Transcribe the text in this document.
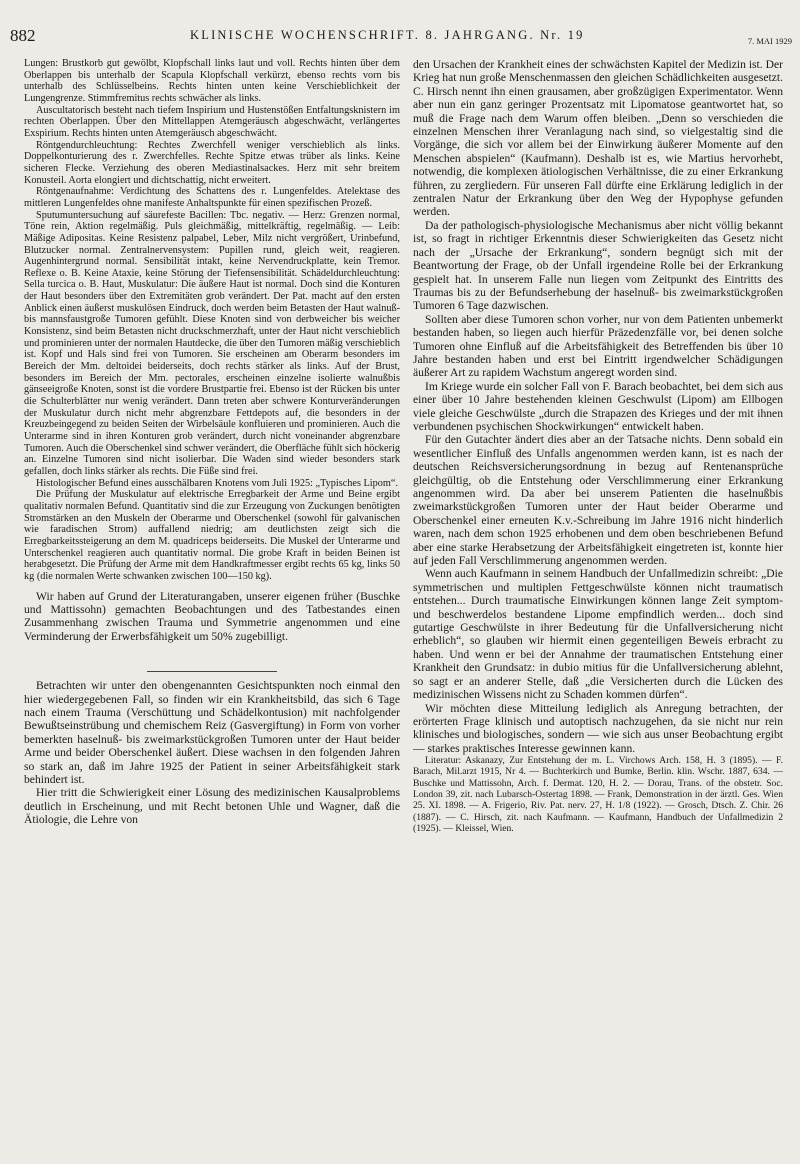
882	KLINISCHE WOCHENSCHRIFT. 8. JAHRGANG. Nr. 19	7. MAI 1929

Lungen: Brustkorb gut gewölbt, Klopfschall links laut und voll. Rechts hinten über dem Oberlappen bis unterhalb der Scapula Klopfschall verkürzt, ebenso rechts vorn bis unterhalb des Schlüsselbeins. Rechts hinten unten keine Verschieblichkeit der Lungengrenze. Stimmfremitus rechts schwächer als links.

Auscultatorisch besteht nach tiefem Inspirium und Hustenstößen Entfaltungsknistern im rechten Oberlappen. Über den Mittellappen Atemgeräusch abgeschwächt, verlängertes Exspirium. Rechts hinten unten Atemgeräusch abgeschwächt.

Röntgendurchleuchtung: Rechtes Zwerchfell weniger verschieblich als links. Doppelkonturierung des r. Zwerchfelles. Rechte Spitze etwas trüber als links. Keine sicheren Flecke. Verziehung des oberen Mediastinalsackes. Herz mit sehr breitem Konusteil. Aorta elongiert und dichtschattig, nicht erweitert.

Röntgenaufnahme: Verdichtung des Schattens des r. Lungenfeldes. Atelektase des mittleren Lungenfeldes ohne manifeste Anhaltspunkte für einen spezifischen Prozeß.

Sputumuntersuchung auf säurefeste Bacillen: Tbc. negativ. — Herz: Grenzen normal, Töne rein, Aktion regelmäßig. Puls gleichmäßig, mittelkräftig, regelmäßig. — Leib: Mäßige Adipositas. Keine Resistenz palpabel, Leber, Milz nicht vergrößert, Urinbefund, Blutzucker normal. Zentralnervensystem: Pupillen rund, gleich weit, reagieren. Augenhintergrund normal. Sensibilität intakt, keine Nervendruckplatte, kein Tremor. Reflexe o. B. Keine Ataxie, keine Störung der Tiefensensibilität. Schädeldurchleuchtung: Sella turcica o. B. Haut, Muskulatur: Die äußere Haut ist normal. Doch sind die Konturen der Haut besonders über den Extremitäten grob verändert. Der Pat. macht auf den ersten Anblick einen äußerst muskulösen Eindruck, doch werden beim Betasten der Haut walnuß- bis mannsfaustgroße Tumoren gefühlt. Diese Knoten sind von derbweicher bis weicher Konsistenz, sind beim Betasten nicht druckschmerzhaft, unter der Haut nicht verschieblich und prominieren unter der normalen Hautdecke, die über den Tumoren mäßig verschieblich ist. Kopf und Hals sind frei von Tumoren. Sie erscheinen am Oberarm besonders im Bereich der Mm. deltoidei beiderseits, doch rechts stärker als links. Auf der Brust, besonders im Bereich der Mm. pectorales, erscheinen einzelne isolierte walnußbis gänseeigroße Knoten, sonst ist die vordere Brustpartie frei. Ebenso ist der Rücken bis unter die Schulterblätter nur wenig verändert. Dann treten aber schwere Konturveränderungen der Muskulatur durch nicht mehr abgrenzbare Fettdepots auf, die besonders in der Kreuzbeingegend zu beiden Seiten der Wirbelsäule konfluieren und prominieren. Auch die Unterarme sind in ihren Konturen grob verändert, durch nicht voneinander abgrenzbare Tumoren. Auch die Oberschenkel sind schwer verändert, die Oberfläche fühlt sich höckerig an. Einzelne Tumoren sind nicht isolierbar. Die Waden sind wieder besonders stark gefallen, doch links stärker als rechts. Die Füße sind frei.

Histologischer Befund eines ausschälbaren Knotens vom Juli 1925: „Typisches Lipom“.

Die Prüfung der Muskulatur auf elektrische Erregbarkeit der Arme und Beine ergibt qualitativ normalen Befund. Quantitativ sind die zur Erzeugung von Zuckungen benötigten Stromstärken an den Muskeln der Oberarme und Oberschenkel (sowohl für galvanischen wie faradischen Strom) auffallend niedrig; am deutlichsten zeigt sich die Erregbarkeitssteigerung an dem M. quadriceps beiderseits. Die Muskel der Unterarme und Unterschenkel reagieren auch quantitativ normal. Die grobe Kraft in beiden Beinen ist herabgesetzt. Die Prüfung der Arme mit dem Handkraftmesser ergibt rechts 65 kg, links 50 kg (die normalen Werte schwanken zwischen 100—150 kg).

Wir haben auf Grund der Literaturangaben, unserer eigenen früher (Buschke und Mattissohn) gemachten Beobachtungen und des Tatbestandes einen Zusammenhang zwischen Trauma und Symmetrie angenommen und eine Verminderung der Erwerbsfähigkeit um 50% zugebilligt.

Betrachten wir unter den obengenannten Gesichtspunkten noch einmal den hier wiedergegebenen Fall, so finden wir ein Krankheitsbild, das sich 6 Tage nach einem Trauma (Verschüttung und Schädelkontusion) mit nachfolgender Bewußtseinstrübung und chemischem Reiz (Gasvergiftung) in Form von vorher bemerkten haselnuß- bis zweimarkstückgroßen Tumoren unter der Haut beider Arme und beider Oberschenkel äußert. Diese wachsen in den folgenden Jahren so stark an, daß im Jahre 1925 der Patient in seiner Arbeitsfähigkeit stark behindert ist.

Hier tritt die Schwierigkeit einer Lösung des medizinischen Kausalproblems deutlich in Erscheinung, und mit Recht betonen Uhle und Wagner, daß die Ätiologie, die Lehre von

den Ursachen der Krankheit eines der schwächsten Kapitel der Medizin ist. Der Krieg hat nun große Menschenmassen den gleichen Schädlichkeiten ausgesetzt. C. Hirsch nennt ihn einen grausamen, aber großzügigen Experimentator. Wenn aber nun ein ganz geringer Prozentsatz mit Lipomatose geantwortet hat, so muß die Frage nach dem Warum offen bleiben. „Denn so verschieden die einzelnen Menschen ihrer Veranlagung nach sind, so vielgestaltig sind die Vorgänge, die sich vor allem bei der Einwirkung äußerer Momente auf den Menschen abspielen“ (Kaufmann). Deshalb ist es, wie Martius hervorhebt, notwendig, die komplexen ätiologischen Verhältnisse, die zu einer Erkrankung führen, zu zergliedern. Für unseren Fall dürfte eine Erklärung lediglich in der zentralen Natur der Erkrankung über den Weg der Hypophyse gefunden werden.

Da der pathologisch-physiologische Mechanismus aber nicht völlig bekannt ist, so fragt in richtiger Erkenntnis dieser Schwierigkeiten das Gesetz nicht nach der „Ursache der Erkrankung“, sondern begnügt sich mit der Beantwortung der Frage, ob der Unfall irgendeine Rolle bei der Erkrankung gespielt hat. In unserem Falle nun liegen vom Zeitpunkt des Eintritts des Traumas bis zu der Befundserhebung der haselnuß- bis zweimarkstückgroßen Tumoren 6 Tage dazwischen.

Sollten aber diese Tumoren schon vorher, nur von dem Patienten unbemerkt bestanden haben, so liegen auch hierfür Präzedenzfälle vor, bei denen solche Tumoren ohne Einfluß auf die Arbeitsfähigkeit des Betreffenden bis über 10 Jahre bestanden haben und erst bei Eintritt irgendwelcher Schädigungen äußerer Art zu rapidem Wachstum angeregt worden sind.

Im Kriege wurde ein solcher Fall von F. Barach beobachtet, bei dem sich aus einer über 10 Jahre bestehenden kleinen Geschwulst (Lipom) am Ellbogen viele gleiche Geschwülste „durch die Strapazen des Krieges und der mit ihnen verbundenen psychischen Shockwirkungen“ entwickelt haben.

Für den Gutachter ändert dies aber an der Tatsache nichts. Denn sobald ein wesentlicher Einfluß des Unfalls angenommen werden kann, ist es nach der deutschen Reichsversicherungsordnung in bezug auf Rentenansprüche gleichgültig, ob die Entstehung oder Verschlimmerung einer Erkrankung angenommen wird. Da aber bei unserem Patienten die haselnußbis zweimarkstückgroßen Tumoren unter der Haut beider Oberarme und Oberschenkel einer erneuten K.v.-Schreibung im Jahre 1916 nicht hinderlich waren, nach dem schon 1925 erhobenen und dem oben beschriebenen Befund aber eine starke Herabsetzung der Arbeitsfähigkeit eingetreten ist, konnte hier auf jeden Fall Verschlimmerung angenommen werden.

Wenn auch Kaufmann in seinem Handbuch der Unfallmedizin schreibt: „Die symmetrischen und multiplen Fettgeschwülste können nicht traumatisch entstehen... Durch traumatische Einwirkungen können lange Zeit symptom- und beschwerdelos bestandene Lipome empfindlich werden... doch sind gutartige Geschwülste in ihrer Bedeutung für die Unfallversicherung nicht erheblich“, so glauben wir hiermit einen gegenteiligen Beweis erbracht zu haben. Und wenn er bei der Annahme der traumatischen Entstehung einer Krankheit den Grundsatz: in dubio mitius für die Unfallversicherung ablehnt, so sagt er an anderer Stelle, daß „die Versicherten durch die Lücken des medizinischen Wissens nicht zu Schaden kommen dürfen“.

Wir möchten diese Mitteilung lediglich als Anregung betrachten, der erörterten Frage klinisch und autoptisch nachzugehen, da sie nicht nur rein klinisches und biologisches, sondern — wie sich aus unser Beobachtung ergibt — starkes praktisches Interesse gewinnen kann.

Literatur: Askanazy, Zur Entstehung der m. L. Virchows Arch. 158, H. 3 (1895). — F. Barach, Mil.arzt 1915, Nr 4. — Buchterkirch und Bumke, Berlin. klin. Wschr. 1887, 634. — Buschke und Mattissohn, Arch. f. Dermat. 120, H. 2. — Dorau, Trans. of the obstetr. Soc. London 39, zit. nach Lubarsch-Ostertag 1898. — Frank, Demonstration in der ärztl. Ges. Wien 25. XI. 1898. — A. Frigerio, Riv. Pat. nerv. 27, H. 1/8 (1922). — Grosch, Dtsch. Z. Chir. 26 (1887). — C. Hirsch, zit. nach Kaufmann. — Kaufmann, Handbuch der Unfallmedizin 2 (1925). — Kleissel, Wien.
